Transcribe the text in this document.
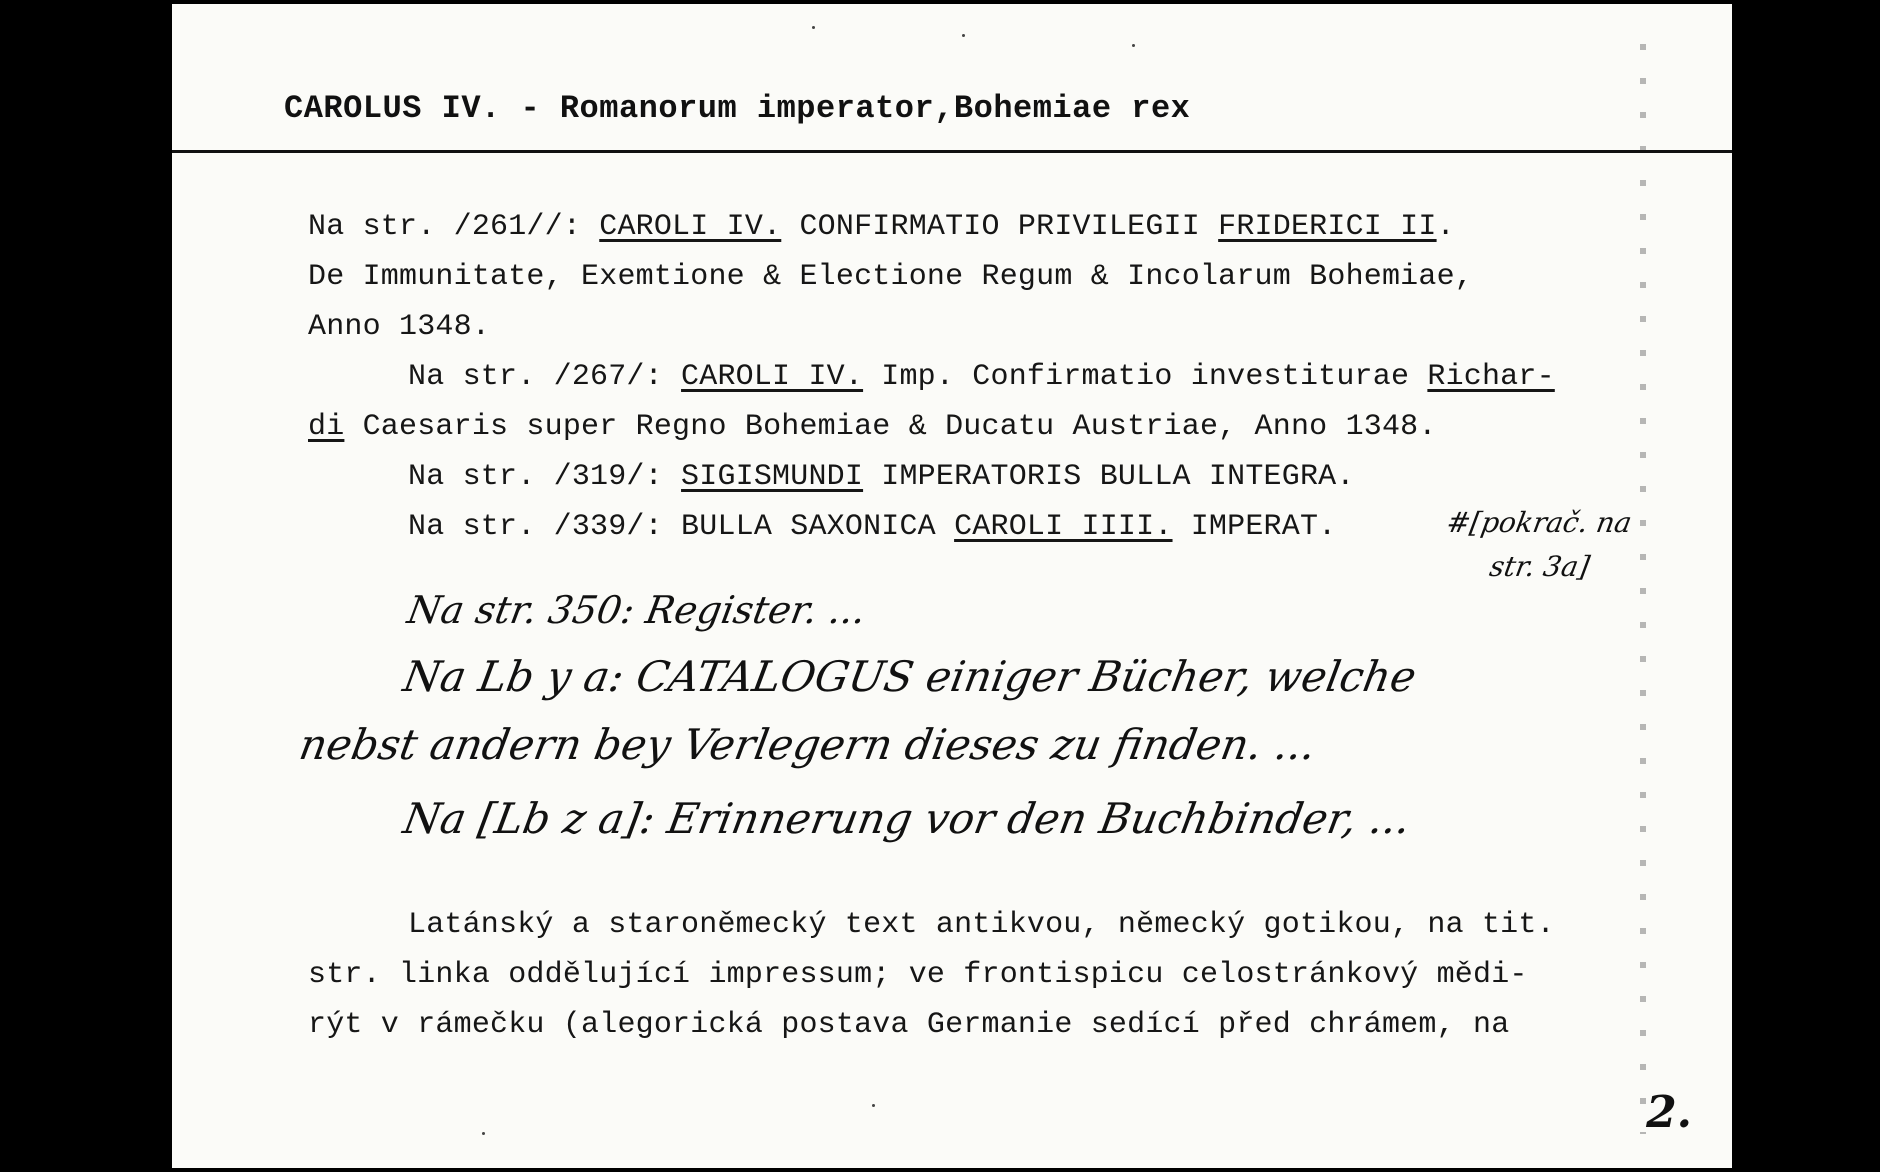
CAROLUS IV. - Romanorum imperator,Bohemiae rex
Na str. /261//: CAROLI IV. CONFIRMATIO PRIVILEGII FRIDERICI II.
De Immunitate, Exemtione & Electione Regum & Incolarum Bohemiae,
Anno 1348.
Na str. /267/: CAROLI IV. Imp. Confirmatio investiturae Richar-
di Caesaris super Regno Bohemiae & Ducatu Austriae, Anno 1348.
Na str. /319/: SIGISMUNDI IMPERATORIS BULLA INTEGRA.
Na str. /339/: BULLA SAXONICA CAROLI IIII. IMPERAT.	#[pokrač. na
str. 3a]
Na str. 350: Register. ...
Na Lb y a: CATALOGUS einiger Bücher, welche
nebst andern bey Verlegern dieses zu finden. ...
Na [Lb z a]: Erinnerung vor den Buchbinder, ...
Latánský a staroněmecký text antikvou, německý gotikou, na tit.
str. linka oddělující impressum; ve frontispicu celostránkový mědi-
rýt v rámečku (alegorická postava Germanie sedící před chrámem, na
2.
